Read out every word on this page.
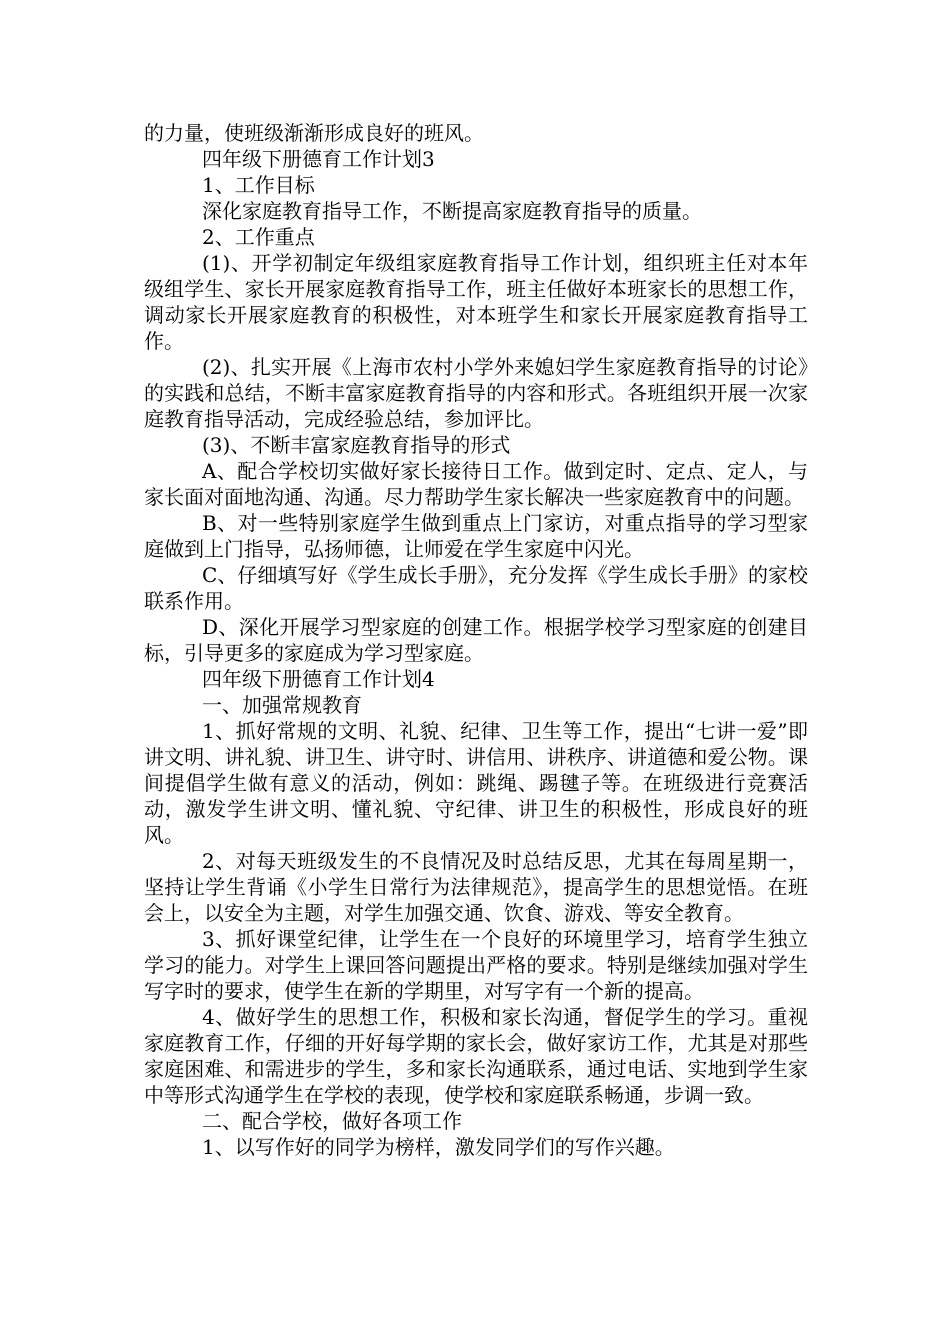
的力量，使班级渐渐形成良好的班风。

四年级下册德育工作计划3

1、工作目标

深化家庭教育指导工作，不断提高家庭教育指导的质量。

2、工作重点

(1)、开学初制定年级组家庭教育指导工作计划，组织班主任对本年级组学生、家长开展家庭教育指导工作，班主任做好本班家长的思想工作，调动家长开展家庭教育的积极性，对本班学生和家长开展家庭教育指导工作。

(2)、扎实开展《上海市农村小学外来媳妇学生家庭教育指导的讨论》的实践和总结，不断丰富家庭教育指导的内容和形式。各班组织开展一次家庭教育指导活动，完成经验总结，参加评比。

(3)、不断丰富家庭教育指导的形式

A、配合学校切实做好家长接待日工作。做到定时、定点、定人，与家长面对面地沟通、沟通。尽力帮助学生家长解决一些家庭教育中的问题。

B、对一些特别家庭学生做到重点上门家访，对重点指导的学习型家庭做到上门指导，弘扬师德，让师爱在学生家庭中闪光。

C、仔细填写好《学生成长手册》，充分发挥《学生成长手册》的家校联系作用。

D、深化开展学习型家庭的创建工作。根据学校学习型家庭的创建目标，引导更多的家庭成为学习型家庭。

四年级下册德育工作计划4

一、加强常规教育

1、抓好常规的文明、礼貌、纪律、卫生等工作，提出“七讲一爱”即讲文明、讲礼貌、讲卫生、讲守时、讲信用、讲秩序、讲道德和爱公物。课间提倡学生做有意义的活动，例如：跳绳、踢毽子等。在班级进行竞赛活动，激发学生讲文明、懂礼貌、守纪律、讲卫生的积极性，形成良好的班风。

2、对每天班级发生的不良情况及时总结反思，尤其在每周星期一，坚持让学生背诵《小学生日常行为法律规范》，提高学生的思想觉悟。在班会上，以安全为主题，对学生加强交通、饮食、游戏、等安全教育。

3、抓好课堂纪律，让学生在一个良好的环境里学习，培育学生独立学习的能力。对学生上课回答问题提出严格的要求。特别是继续加强对学生写字时的要求，使学生在新的学期里，对写字有一个新的提高。

4、做好学生的思想工作，积极和家长沟通，督促学生的学习。重视家庭教育工作，仔细的开好每学期的家长会，做好家访工作，尤其是对那些家庭困难、和需进步的学生，多和家长沟通联系，通过电话、实地到学生家中等形式沟通学生在学校的表现，使学校和家庭联系畅通，步调一致。

二、配合学校，做好各项工作

1、以写作好的同学为榜样，激发同学们的写作兴趣。
